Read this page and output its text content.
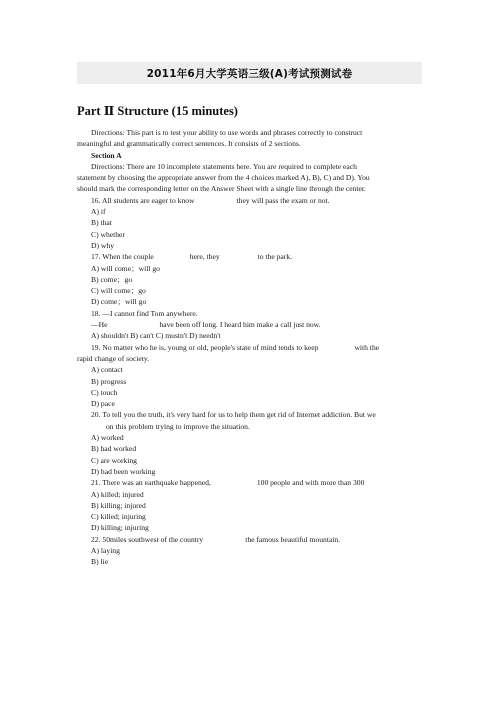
2011年6月大学英语三级(A)考试预测试卷
Part Ⅱ Structure (15 minutes)

Directions: This part is to test your ability to use words and phrases correctly to construct

meaningful and grammatically correct sentences. It consists of 2 sections.

Section A

Directions: There are 10 incomplete statements here. You are required to complete each

statement by choosing the appropriate answer from the 4 choices marked A), B), C) and D). You

should mark the corresponding letter on the Answer Sheet with a single line through the center.

16. All students are eager to know	they will pass the exam or not.

A) if

B) that

C) whether

D) why

17. When the couple	here, they	to the park.

A) will come；will go

B) come；go

C) will come；go

D) come；will go

18. —I cannot find Tom anywhere.

—He	have been off long. I heard him make a call just now.

A) shouldn't B) can't C) mustn't D) needn't

19. No matter who he is, young or old, people's state of mind tends to keep	with the

rapid change of society.

A) contact

B) progress

C) touch

D) pace

20. To tell you the truth, it's very hard for us to help them get rid of Internet addiction. But we

on this problem trying to improve the situation.

A) worked

B) had worked

C) are working

D) had been working

21. There was an earthquake happened,	100 people and with more than 300

A) killed; injured

B) killing; injured

C) killed; injuring

D) killing; injuring

22. 50miles southwest of the country	the famous beautiful mountain.

A) laying

B) lie
